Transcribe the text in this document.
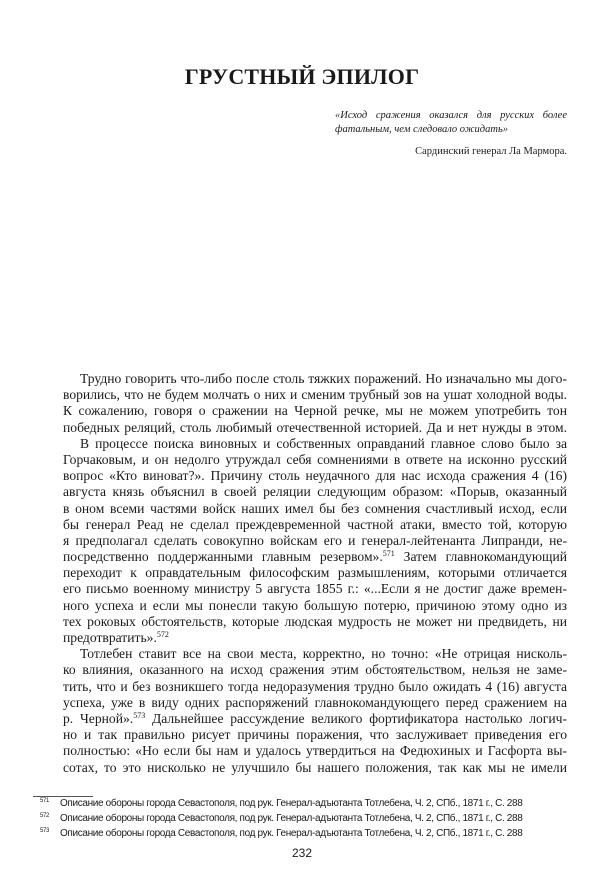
ГРУСТНЫЙ ЭПИЛОГ
«Исход сражения оказался для русских более фатальным, чем следовало ожидать»
Сардинский генерал Ла Мармора.
Трудно говорить что-либо после столь тяжких поражений. Но изначально мы дого-
ворились, что не будем молчать о них и сменим трубный зов на ушат холодной воды.
К сожалению, говоря о сражении на Черной речке, мы не можем употребить тон
победных реляций, столь любимый отечественной историей. Да и нет нужды в этом.
В процессе поиска виновных и собственных оправданий главное слово было за
Горчаковым, и он недолго утруждал себя сомнениями в ответе на исконно русский
вопрос «Кто виноват?». Причину столь неудачного для нас исхода сражения 4 (16)
августа князь объяснил в своей реляции следующим образом: «Порыв, оказанный
в оном всеми частями войск наших имел бы без сомнения счастливый исход, если
бы генерал Реад не сделал преждевременной частной атаки, вместо той, которую
я предполагал сделать совокупно войскам его и генерал-лейтенанта Липранди, не-
посредственно поддержанными главным резервом».$^{571}$ Затем главнокомандующий
переходит к оправдательным философским размышлениям, которыми отличается
его письмо военному министру 5 августа 1855 г.: «...Если я не достиг даже времен-
ного успеха и если мы понесли такую большую потерю, причиною этому одно из
тех роковых обстоятельств, которые людская мудрость не может ни предвидеть, ни
предотвратить».$^{572}$
Тотлебен ставит все на свои места, корректно, но точно: «Не отрицая нисколь-
ко влияния, оказанного на исход сражения этим обстоятельством, нельзя не заме-
тить, что и без возникшего тогда недоразумения трудно было ожидать 4 (16) августа
успеха, уже в виду одних распоряжений главнокомандующего перед сражением на
р. Черной».$^{573}$ Дальнейшее рассуждение великого фортификатора настолько логич-
но и так правильно рисует причины поражения, что заслуживает приведения его
полностью: «Но если бы нам и удалось утвердиться на Федюхиных и Гасфорта вы-
сотах, то это нисколько не улучшило бы нашего положения, так как мы не имели
$^{571}$ Описание обороны города Севастополя, под рук. Генерал-адъютанта Тотлебена, Ч. 2, СПб., 1871 г., С. 288
$^{572}$ Описание обороны города Севастополя, под рук. Генерал-адъютанта Тотлебена, Ч. 2, СПб., 1871 г., С. 288
$^{573}$ Описание обороны города Севастополя, под рук. Генерал-адъютанта Тотлебена, Ч. 2, СПб., 1871 г., С. 288
232
